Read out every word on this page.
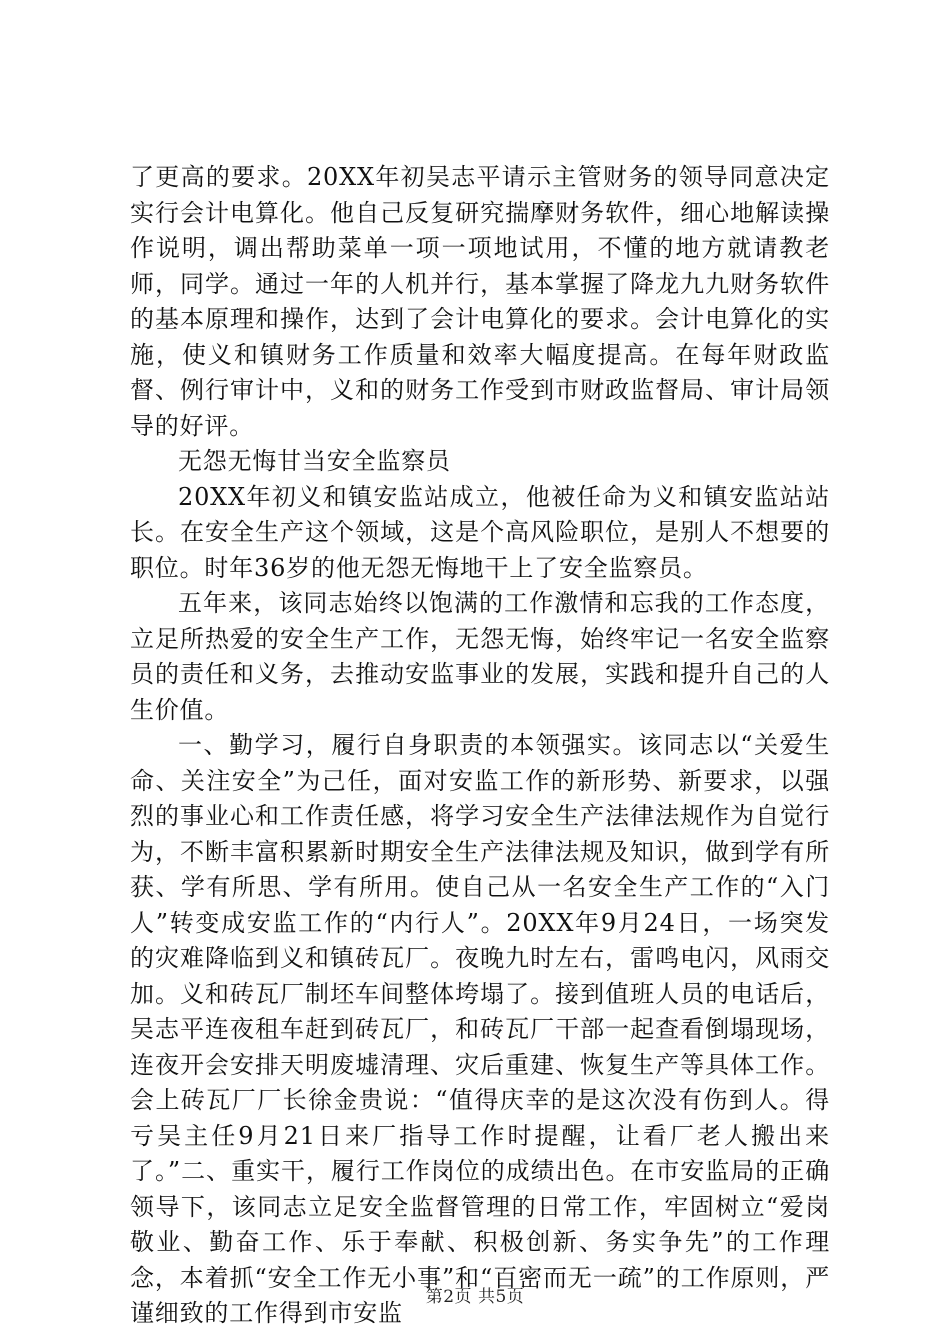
了更高的要求。20XX年初吴志平请示主管财务的领导同意决定实行会计电算化。他自己反复研究揣摩财务软件，细心地解读操作说明，调出帮助菜单一项一项地试用，不懂的地方就请教老师，同学。通过一年的人机并行，基本掌握了降龙九九财务软件的基本原理和操作，达到了会计电算化的要求。会计电算化的实施，使义和镇财务工作质量和效率大幅度提高。在每年财政监督、例行审计中，义和的财务工作受到市财政监督局、审计局领导的好评。

无怨无悔甘当安全监察员

20XX年初义和镇安监站成立，他被任命为义和镇安监站站长。在安全生产这个领域，这是个高风险职位，是别人不想要的职位。时年36岁的他无怨无悔地干上了安全监察员。

五年来，该同志始终以饱满的工作激情和忘我的工作态度，立足所热爱的安全生产工作，无怨无悔，始终牢记一名安全监察员的责任和义务，去推动安监事业的发展，实践和提升自己的人生价值。

一、勤学习，履行自身职责的本领强实。该同志以“关爱生命、关注安全”为己任，面对安监工作的新形势、新要求，以强烈的事业心和工作责任感，将学习安全生产法律法规作为自觉行为，不断丰富积累新时期安全生产法律法规及知识，做到学有所获、学有所思、学有所用。使自己从一名安全生产工作的“入门人”转变成安监工作的“内行人”。20XX年9月24日，一场突发的灾难降临到义和镇砖瓦厂。夜晚九时左右，雷鸣电闪，风雨交加。义和砖瓦厂制坯车间整体垮塌了。接到值班人员的电话后，吴志平连夜租车赶到砖瓦厂，和砖瓦厂干部一起查看倒塌现场，连夜开会安排天明废墟清理、灾后重建、恢复生产等具体工作。会上砖瓦厂厂长徐金贵说：“值得庆幸的是这次没有伤到人。得亏吴主任9月21日来厂指导工作时提醒，让看厂老人搬出来了。”二、重实干，履行工作岗位的成绩出色。在市安监局的正确领导下，该同志立足安全监督管理的日常工作，牢固树立“爱岗敬业、勤奋工作、乐于奉献、积极创新、务实争先”的工作理念，本着抓“安全工作无小事”和“百密而无一疏”的工作原则，严谨细致的工作得到市安监

第2页 共5页
